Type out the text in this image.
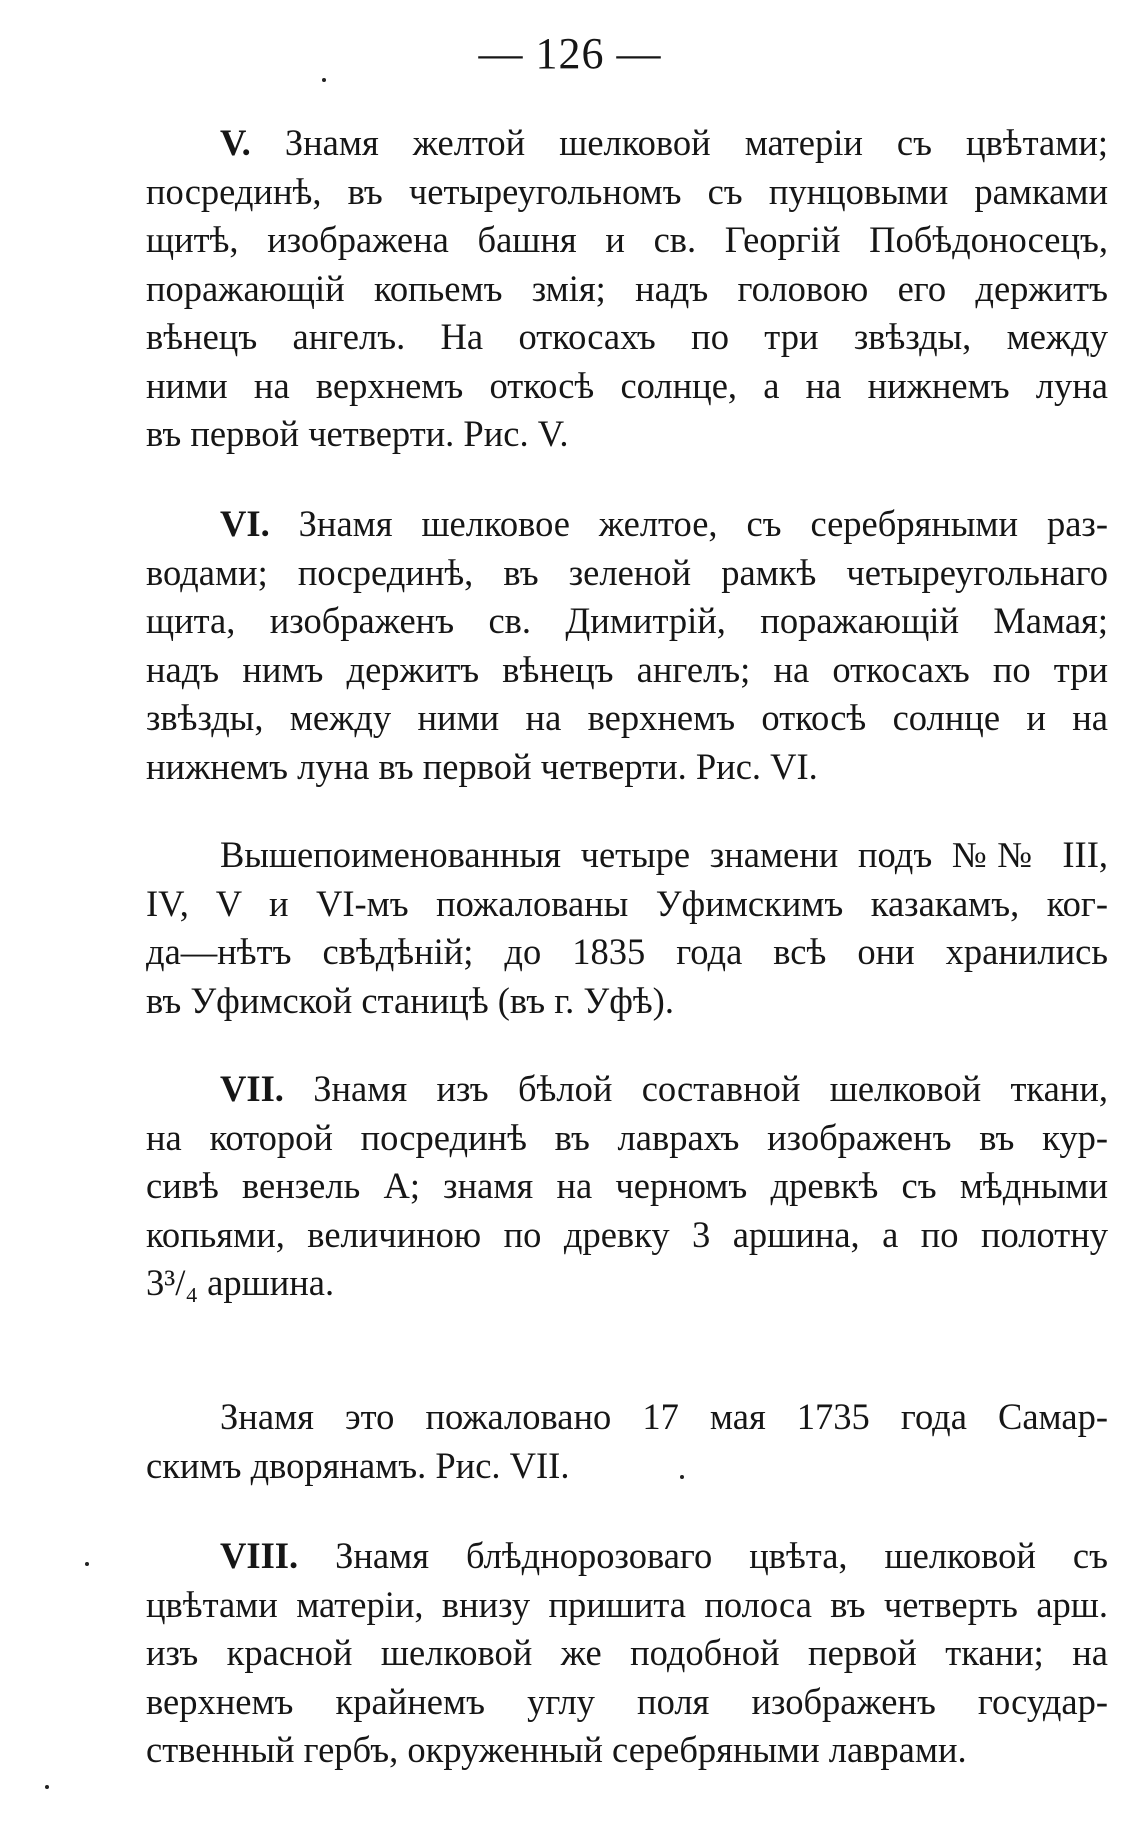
— 126 —
V. Знамя желтой шелковой матеріи съ цвѣтами;
посрединѣ, въ четыреугольномъ съ пунцовыми рамками
щитѣ, изображена башня и св. Георгій Побѣдоносецъ,
поражающій копьемъ змія; надъ головою его держитъ
вѣнецъ ангелъ. На откосахъ по три звѣзды, между
ними на верхнемъ откосѣ солнце, а на нижнемъ луна
въ первой четверти. Рис. V.
VI. Знамя шелковое желтое, съ серебряными раз-
водами; посрединѣ, въ зеленой рамкѣ четыреугольнаго
щита, изображенъ св. Димитрій, поражающій Мамая;
надъ нимъ держитъ вѣнецъ ангелъ; на откосахъ по три
звѣзды, между ними на верхнемъ откосѣ солнце и на
нижнемъ луна въ первой четверти. Рис. VI.
Вышепоименованныя четыре знамени подъ №№ III,
IV, V и VI-мъ пожалованы Уфимскимъ казакамъ, ког-
да—нѣтъ свѣдѣній; до 1835 года всѣ они хранились
въ Уфимской станицѣ (въ г. Уфѣ).
VII. Знамя изъ бѣлой составной шелковой ткани,
на которой посрединѣ въ лаврахъ изображенъ въ кур-
сивѣ вензель А; знамя на черномъ древкѣ съ мѣдными
копьями, величиною по древку 3 аршина, а по полотну
3³/₄ аршина.
Знамя это пожаловано 17 мая 1735 года Самар-
скимъ дворянамъ. Рис. VII.
VIII. Знамя блѣднорозоваго цвѣта, шелковой съ
цвѣтами матеріи, внизу пришита полоса въ четверть арш.
изъ красной шелковой же подобной первой ткани; на
верхнемъ крайнемъ углу поля изображенъ государ-
ственный гербъ, окруженный серебряными лаврами.
